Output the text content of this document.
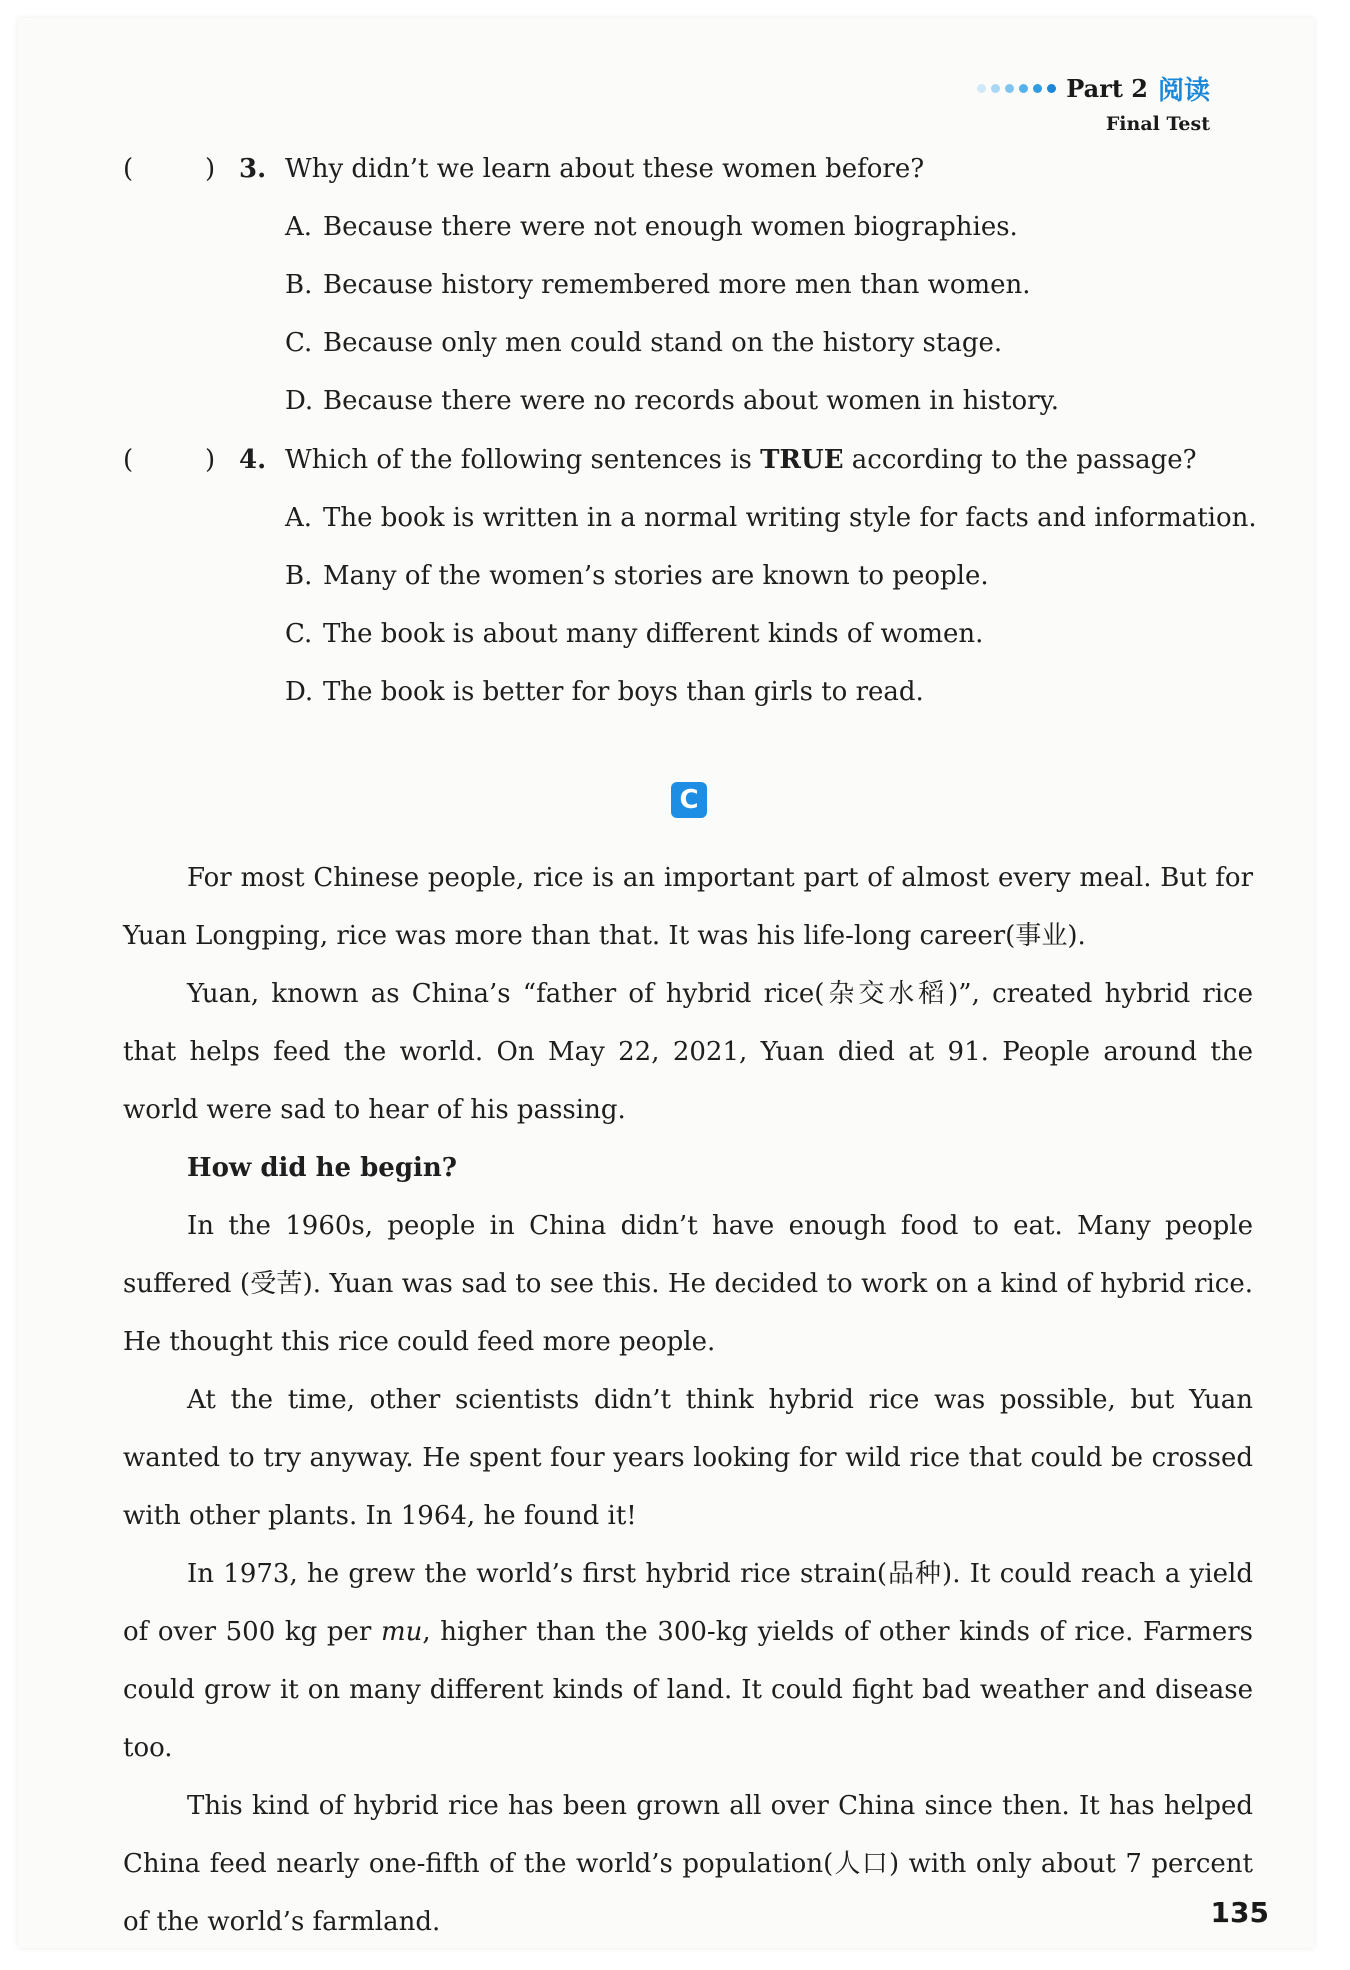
Part 2 阅读
Final Test
(	) 3. Why didn’t we learn about these women before?
A. Because there were not enough women biographies.
B. Because history remembered more men than women.
C. Because only men could stand on the history stage.
D. Because there were no records about women in history.
(	) 4. Which of the following sentences is TRUE according to the passage?
A. The book is written in a normal writing style for facts and information.
B. Many of the women’s stories are known to people.
C. The book is about many different kinds of women.
D. The book is better for boys than girls to read.
C

For most Chinese people, rice is an important part of almost every meal. But for Yuan Longping, rice was more than that. It was his life-long career(事业).

Yuan, known as China’s “father of hybrid rice(杂交水稻)”, created hybrid rice that helps feed the world. On May 22, 2021, Yuan died at 91. People around the world were sad to hear of his passing.

How did he begin?

In the 1960s, people in China didn’t have enough food to eat. Many people suffered (受苦). Yuan was sad to see this. He decided to work on a kind of hybrid rice. He thought this rice could feed more people.

At the time, other scientists didn’t think hybrid rice was possible, but Yuan wanted to try anyway. He spent four years looking for wild rice that could be crossed with other plants. In 1964, he found it!

In 1973, he grew the world’s first hybrid rice strain(品种). It could reach a yield of over 500 kg per mu, higher than the 300-kg yields of other kinds of rice. Farmers could grow it on many different kinds of land. It could fight bad weather and disease too.

This kind of hybrid rice has been grown all over China since then. It has helped China feed nearly one-fifth of the world’s population(人口) with only about 7 percent of the world’s farmland.	135
